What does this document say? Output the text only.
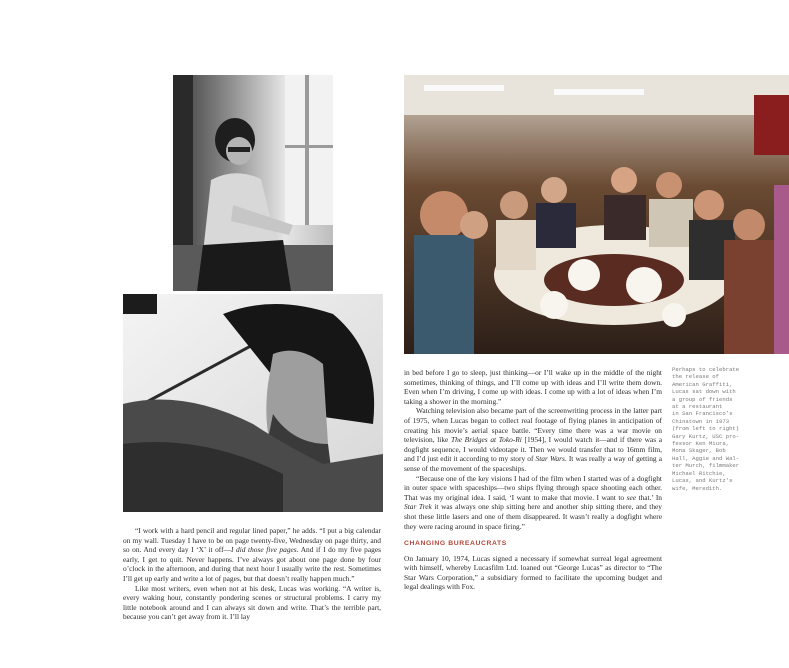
“I work with a hard pencil and regular lined paper,” he adds. “I put a big calendar on my wall. Tuesday I have to be on page twenty-five, Wednesday on page thirty, and so on. And every day I ‘X’ it off—I did those five pages. And if I do my five pages early, I get to quit. Never happens. I’ve always got about one page done by four o’clock in the afternoon, and during that next hour I usually write the rest. Sometimes I’ll get up early and write a lot of pages, but that doesn’t really happen much.”

Like most writers, even when not at his desk, Lucas was working. “A writer is, every waking hour, constantly pondering scenes or structural problems. I carry my little notebook around and I can always sit down and write. That’s the terrible part, because you can’t get away from it. I’ll lay

in bed before I go to sleep, just thinking—or I’ll wake up in the middle of the night sometimes, thinking of things, and I’ll come up with ideas and I’ll write them down. Even when I’m driving, I come up with ideas. I come up with a lot of ideas when I’m taking a shower in the morning.”

Watching television also became part of the screenwriting process in the latter part of 1975, when Lucas began to collect real footage of flying planes in anticipation of creating his movie’s aerial space battle. “Every time there was a war movie on television, like The Bridges at Toko-Ri [1954], I would watch it—and if there was a dogfight sequence, I would videotape it. Then we would transfer that to 16mm film, and I’d just edit it according to my story of Star Wars. It was really a way of getting a sense of the movement of the spaceships.

“Because one of the key visions I had of the film when I started was of a dogfight in outer space with spaceships—two ships flying through space shooting each other. That was my original idea. I said, ‘I want to make that movie. I want to see that.’ In Star Trek it was always one ship sitting here and another ship sitting there, and they shot these little lasers and one of them disappeared. It wasn’t really a dogfight where they were racing around in space firing.”

CHANGING BUREAUCRATS

On January 10, 1974, Lucas signed a necessary if somewhat surreal legal agreement with himself, whereby Lucasfilm Ltd. loaned out “George Lucas” as director to “The Star Wars Corporation,” a subsidiary formed to facilitate the upcoming budget and legal dealings with Fox.

Perhaps to celebrate
the release of
American Graffiti,
Lucas sat down with
a group of friends
at a restaurant
in San Francisco’s
Chinatown in 1973
(from left to right)
Gary Kurtz, USC pro-
fessor Ken Miura,
Mona Skager, Bob
Hall, Aggie and Wal-
ter Murch, filmmaker
Michael Ritchie,
Lucas, and Kurtz’s
wife, Meredith.
